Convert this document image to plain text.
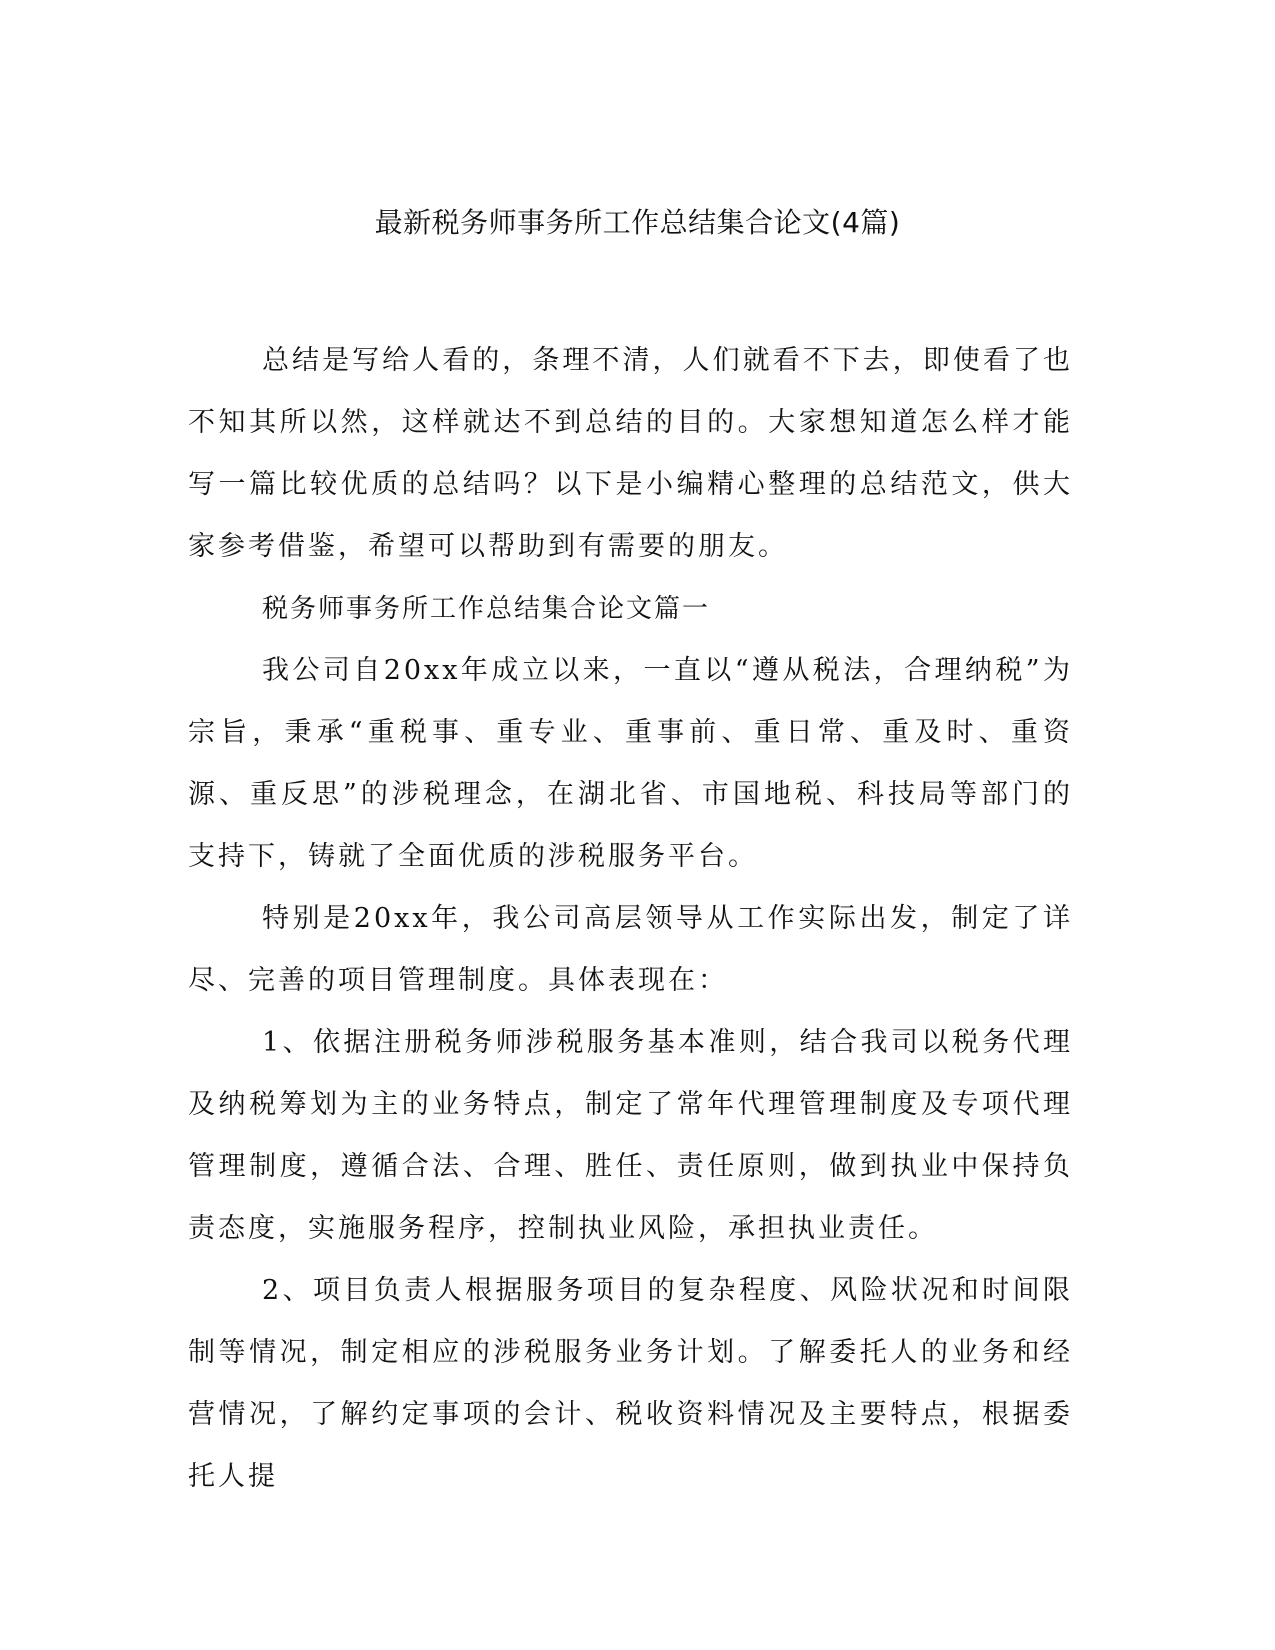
最新税务师事务所工作总结集合论文(4篇)

总结是写给人看的，条理不清，人们就看不下去，即使看了也不知其所以然，这样就达不到总结的目的。大家想知道怎么样才能写一篇比较优质的总结吗？以下是小编精心整理的总结范文，供大家参考借鉴，希望可以帮助到有需要的朋友。

税务师事务所工作总结集合论文篇一

我公司自20xx年成立以来，一直以“遵从税法，合理纳税”为宗旨，秉承“重税事、重专业、重事前、重日常、重及时、重资源、重反思”的涉税理念，在湖北省、市国地税、科技局等部门的支持下，铸就了全面优质的涉税服务平台。

特别是20xx年，我公司高层领导从工作实际出发，制定了详尽、完善的项目管理制度。具体表现在：

1、依据注册税务师涉税服务基本准则，结合我司以税务代理及纳税筹划为主的业务特点，制定了常年代理管理制度及专项代理管理制度，遵循合法、合理、胜任、责任原则，做到执业中保持负责态度，实施服务程序，控制执业风险，承担执业责任。

2、项目负责人根据服务项目的复杂程度、风险状况和时间限制等情况，制定相应的涉税服务业务计划。了解委托人的业务和经营情况，了解约定事项的会计、税收资料情况及主要特点，根据委托人提
